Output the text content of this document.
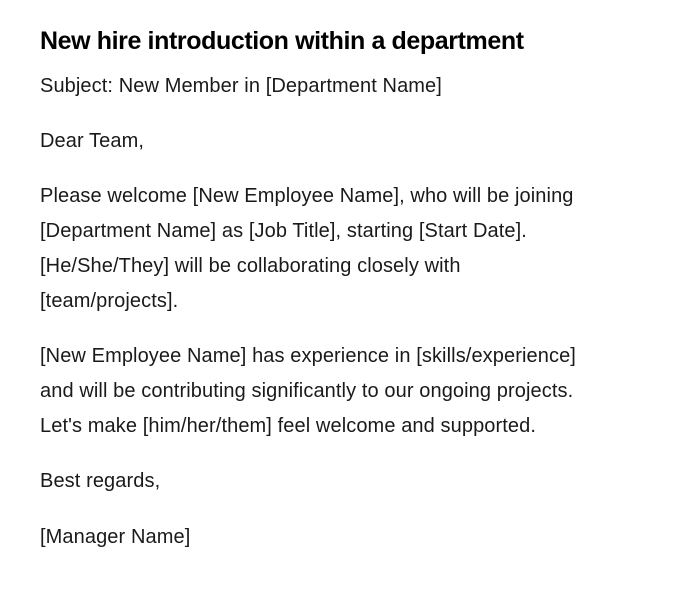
New hire introduction within a department

Subject: New Member in [Department Name]

Dear Team,

Please welcome [New Employee Name], who will be joining
[Department Name] as [Job Title], starting [Start Date].
[He/She/They] will be collaborating closely with
[team/projects].

[New Employee Name] has experience in [skills/experience]
and will be contributing significantly to our ongoing projects.
Let's make [him/her/them] feel welcome and supported.

Best regards,

[Manager Name]
